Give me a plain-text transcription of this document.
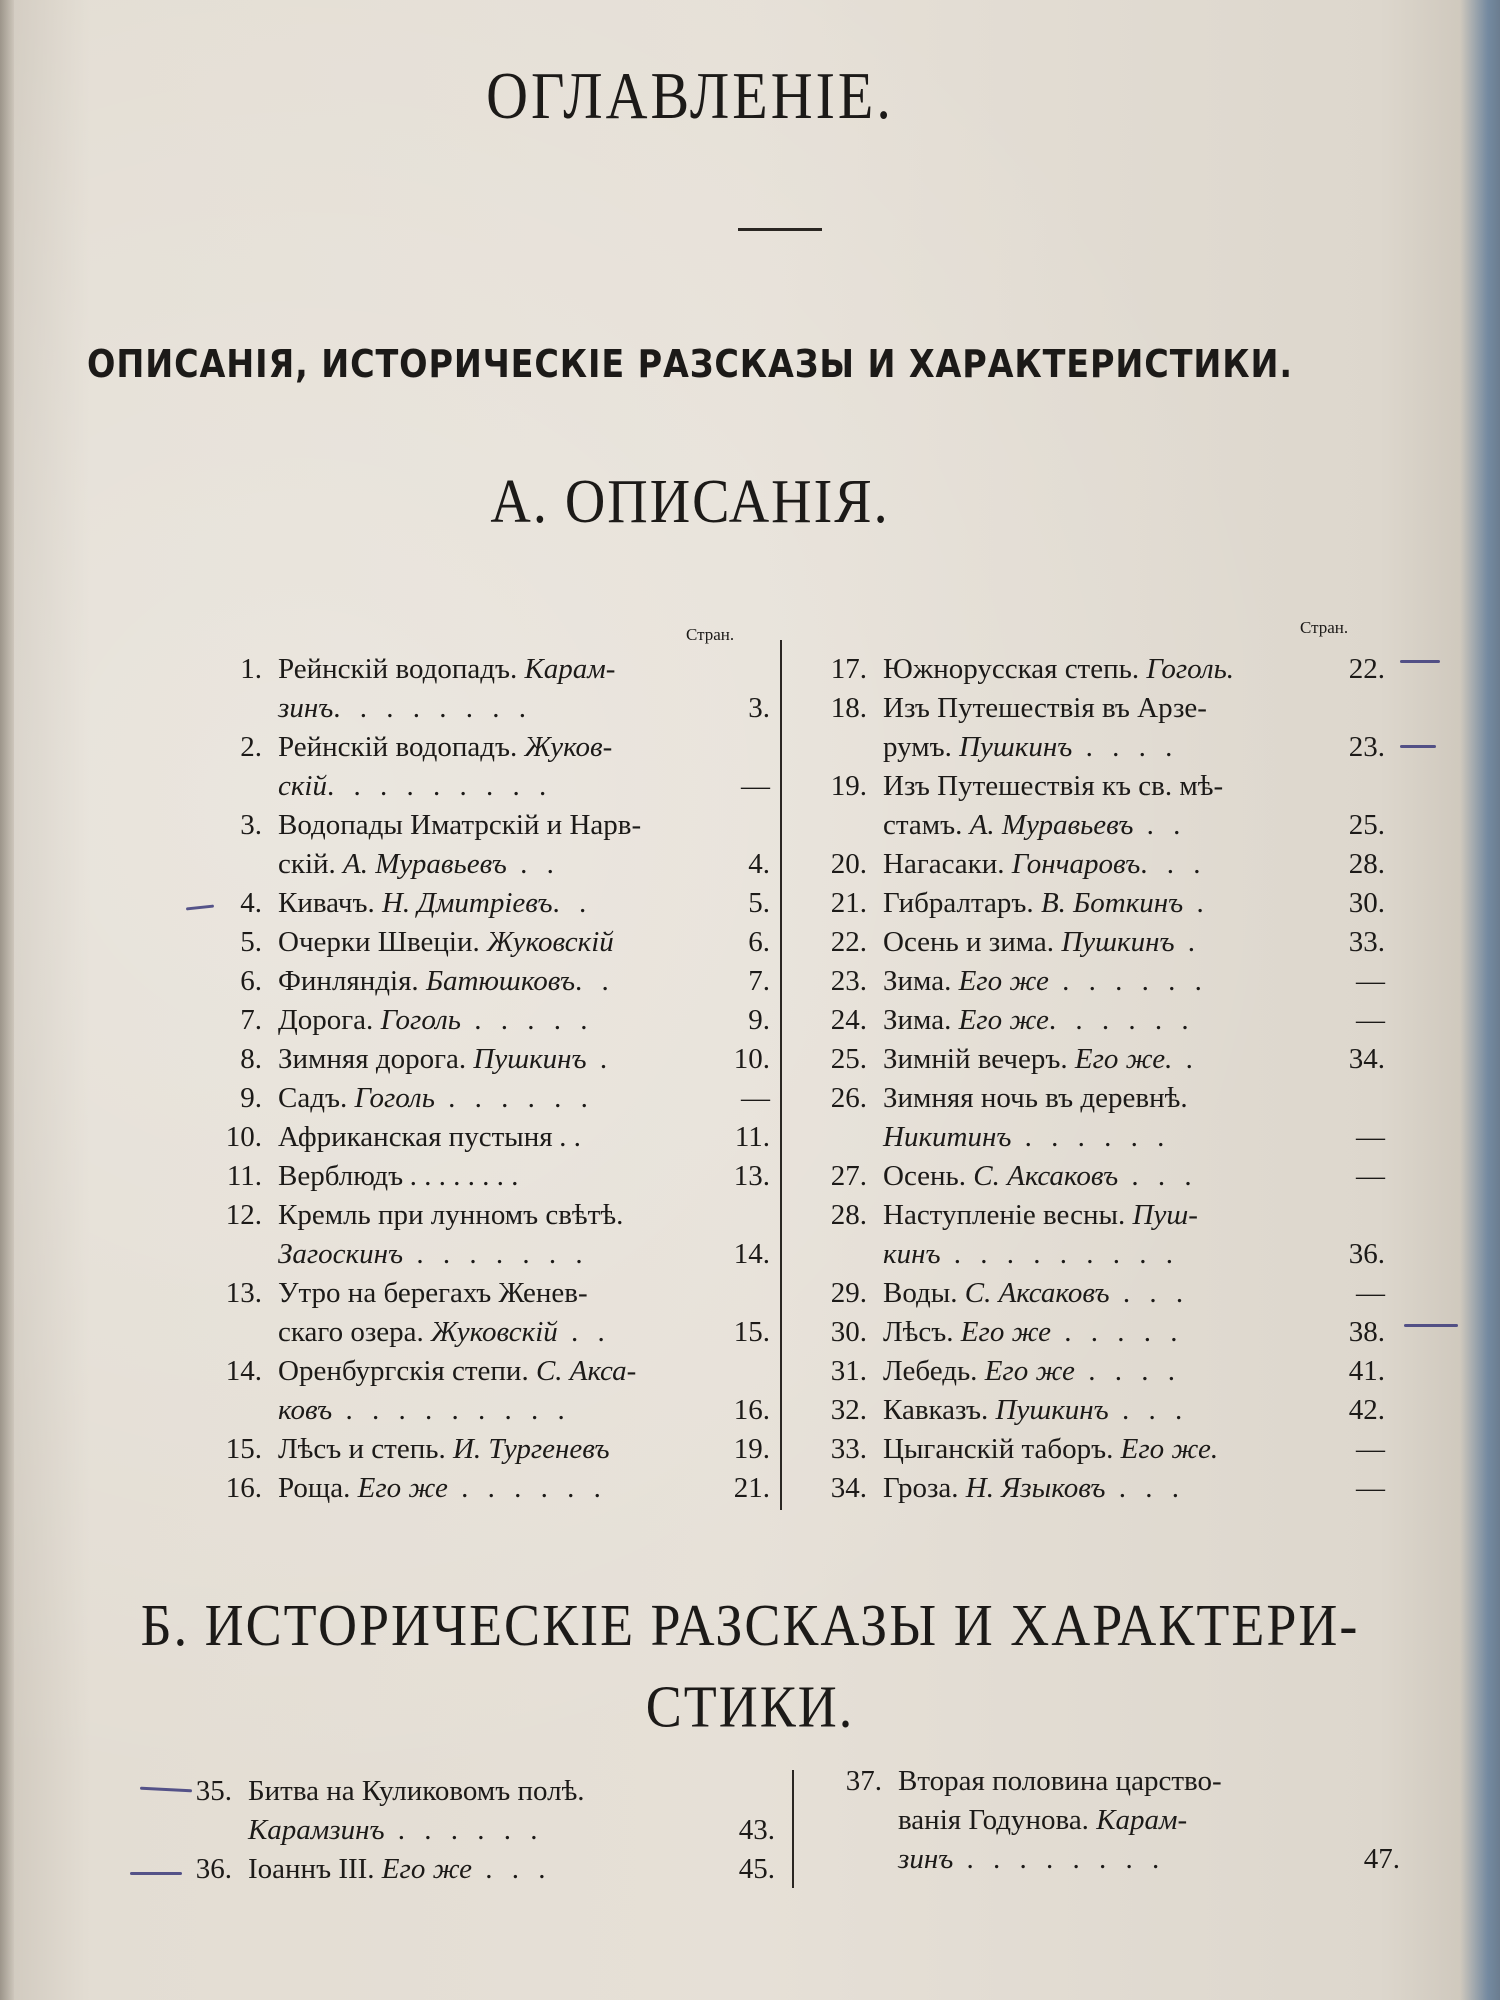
ОГЛАВЛЕНІЕ.
ОПИСАНІЯ, ИСТОРИЧЕСКІЕ РАЗСКАЗЫ И ХАРАКТЕРИСТИКИ.
А. ОПИСАНІЯ.
Стран.	Стран.
1. Рейнскій водопадъ. Карам-
зинъ. . . . . . . .	3.
2. Рейнскій водопадъ. Жуков-
скій. . . . . . . . .	—
3. Водопады Иматрскій и Нарв-
скій. А. Муравьевъ . .	4.
4. Кивачъ. Н. Дмитріевъ. .	5.
5. Очерки Швеціи. Жуковскій	6.
6. Финляндія. Батюшковъ. .	7.
7. Дорога. Гоголь . . . . .	9.
8. Зимняя дорога. Пушкинъ .	10.
9. Садъ. Гоголь . . . . . .	—
10. Африканская пустыня . .	11.
11. Верблюдъ . . . . . . . .	13.
12. Кремль при лунномъ свѣтѣ.
Загоскинъ . . . . . . .	14.
13. Утро на берегахъ Женев-
скаго озера. Жуковскій . .	15.
14. Оренбургскія степи. С. Акса-
ковъ . . . . . . . . .	16.
15. Лѣсъ и степь. И. Тургеневъ	19.
16. Роща. Его же . . . . . .	21.
17. Южнорусская степь. Гоголь.	22.
18. Изъ Путешествія въ Арзе-
румъ. Пушкинъ . . . .	23.
19. Изъ Путешествія къ св. мѣ-
стамъ. А. Муравьевъ . .	25.
20. Нагасаки. Гончаровъ. . .	28.
21. Гибралтаръ. В. Боткинъ .	30.
22. Осень и зима. Пушкинъ .	33.
23. Зима. Его же . . . . . .	—
24. Зима. Его же. . . . . .	—
25. Зимній вечеръ. Его же. .	34.
26. Зимняя ночь въ деревнѣ.
Никитинъ . . . . . .	—
27. Осень. С. Аксаковъ . . .	—
28. Наступленіе весны. Пуш-
кинъ . . . . . . . . .	36.
29. Воды. С. Аксаковъ . . .	—
30. Лѣсъ. Его же . . . . .	38.
31. Лебедь. Его же . . . .	41.
32. Кавказъ. Пушкинъ . . .	42.
33. Цыганскій таборъ. Его же.	—
34. Гроза. Н. Языковъ . . .	—
Б. ИСТОРИЧЕСКІЕ РАЗСКАЗЫ И ХАРАКТЕРИ-
СТИКИ.
35. Битва на Куликовомъ полѣ.
Карамзинъ . . . . . .	43.
36. Іоаннъ III. Его же . . .	45.
37. Вторая половина царство-
ванія Годунова. Карам-
зинъ . . . . . . . .	47.
